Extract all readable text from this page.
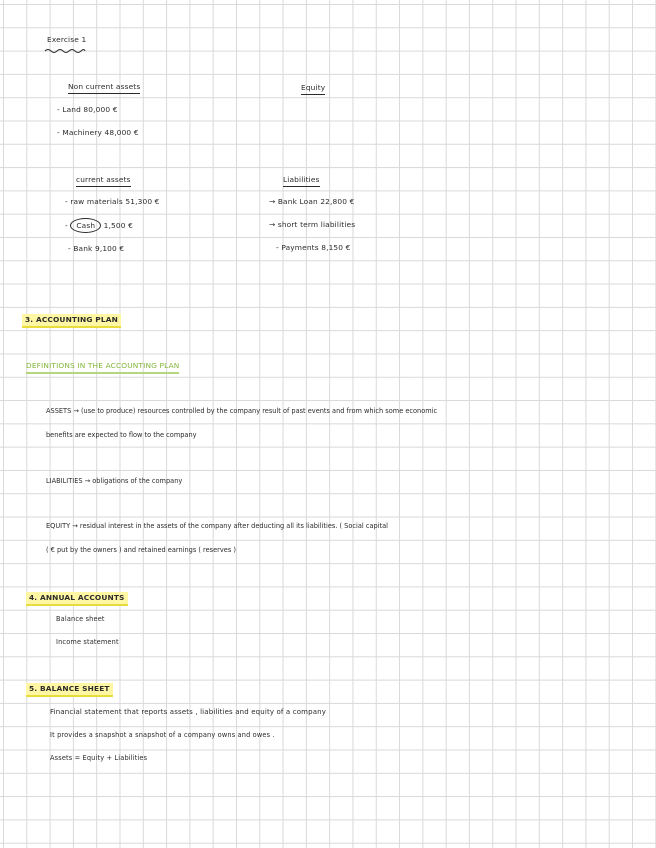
Exercise 1
Non current assets
- Land 80,000 €
- Machinery 48,000 €
Equity
current assets
- raw materials 51,300 €
- Cash 1,500 €
- Bank 9,100 €
Liabilities
→ Bank Loan 22,800 €
→ short term liabilities
- Payments 8,150 €
3. ACCOUNTING PLAN
DEFINITIONS IN THE ACCOUNTING PLAN
ASSETS → (use to produce) resources controlled by the company result of past events and from which some economic
benefits are expected to flow to the company
LIABILITIES → obligations of the company
EQUITY → residual interest in the assets of the company after deducting all its liabilities. ( Social capital
( € put by the owners ) and retained earnings ( reserves )
4. ANNUAL ACCOUNTS
Balance sheet
Income statement
5. BALANCE SHEET
Financial statement that reports assets , liabilities and equity of a company
It provides a snapshot a snapshot of a company owns and owes .
Assets = Equity + Liabilities
